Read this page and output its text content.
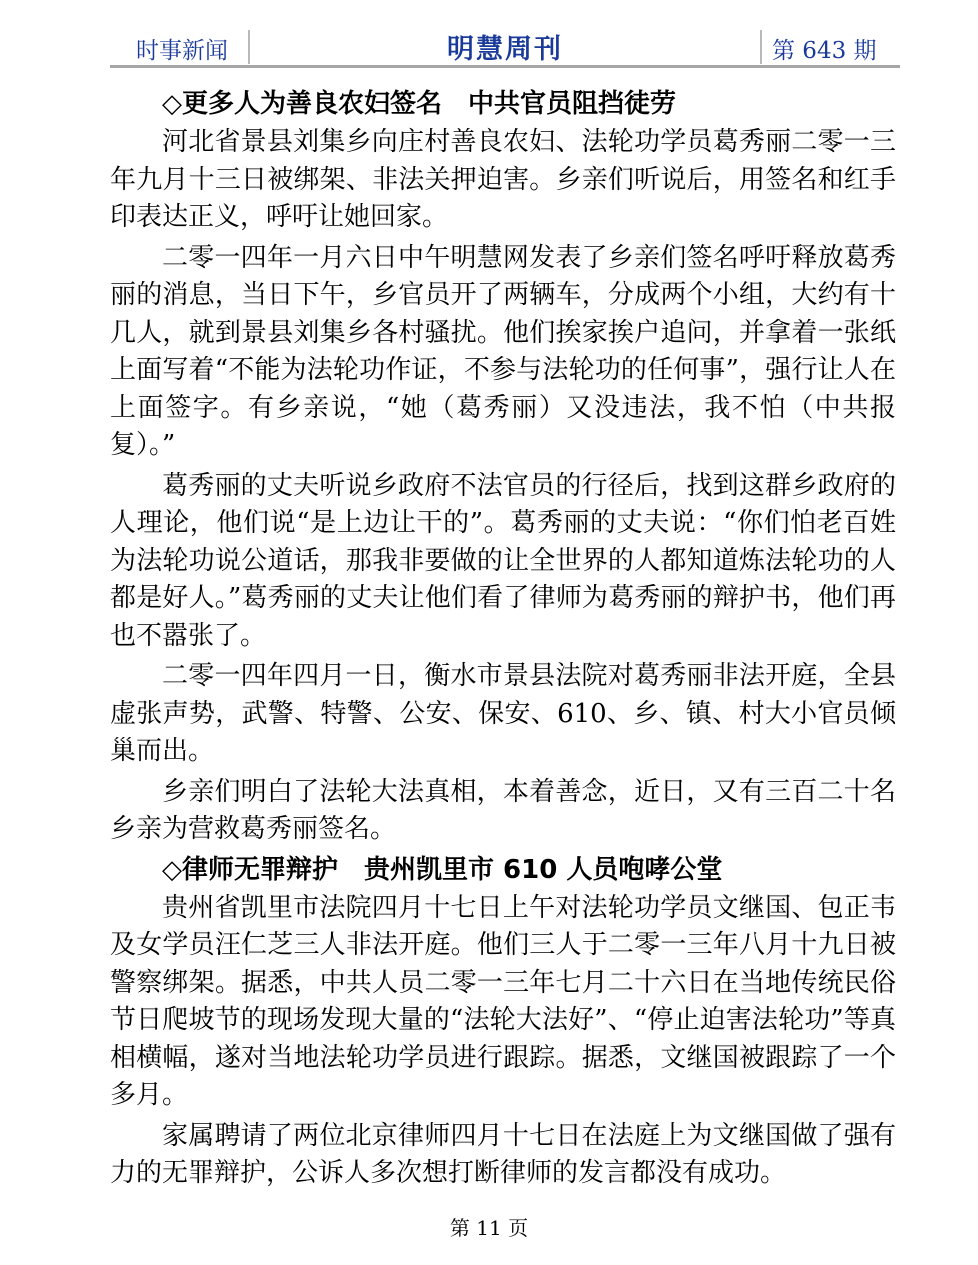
时事新闻	明慧周刊	第 643 期
◇更多人为善良农妇签名　中共官员阻挡徒劳

河北省景县刘集乡向庄村善良农妇、法轮功学员葛秀丽二零一三年九月十三日被绑架、非法关押迫害。乡亲们听说后，用签名和红手印表达正义，呼吁让她回家。

二零一四年一月六日中午明慧网发表了乡亲们签名呼吁释放葛秀丽的消息，当日下午，乡官员开了两辆车，分成两个小组，大约有十几人，就到景县刘集乡各村骚扰。他们挨家挨户追问，并拿着一张纸上面写着“不能为法轮功作证，不参与法轮功的任何事”，强行让人在上面签字。有乡亲说，“她（葛秀丽）又没违法，我不怕（中共报复）。”

葛秀丽的丈夫听说乡政府不法官员的行径后，找到这群乡政府的人理论，他们说“是上边让干的”。葛秀丽的丈夫说：“你们怕老百姓为法轮功说公道话，那我非要做的让全世界的人都知道炼法轮功的人都是好人。”葛秀丽的丈夫让他们看了律师为葛秀丽的辩护书，他们再也不嚣张了。

二零一四年四月一日，衡水市景县法院对葛秀丽非法开庭，全县虚张声势，武警、特警、公安、保安、610、乡、镇、村大小官员倾巢而出。

乡亲们明白了法轮大法真相，本着善念，近日，又有三百二十名乡亲为营救葛秀丽签名。

◇律师无罪辩护　贵州凯里市 610 人员咆哮公堂

贵州省凯里市法院四月十七日上午对法轮功学员文继国、包正韦及女学员汪仁芝三人非法开庭。他们三人于二零一三年八月十九日被警察绑架。据悉，中共人员二零一三年七月二十六日在当地传统民俗节日爬坡节的现场发现大量的“法轮大法好”、“停止迫害法轮功”等真相横幅，遂对当地法轮功学员进行跟踪。据悉，文继国被跟踪了一个多月。

家属聘请了两位北京律师四月十七日在法庭上为文继国做了强有力的无罪辩护，公诉人多次想打断律师的发言都没有成功。

第 11 页
